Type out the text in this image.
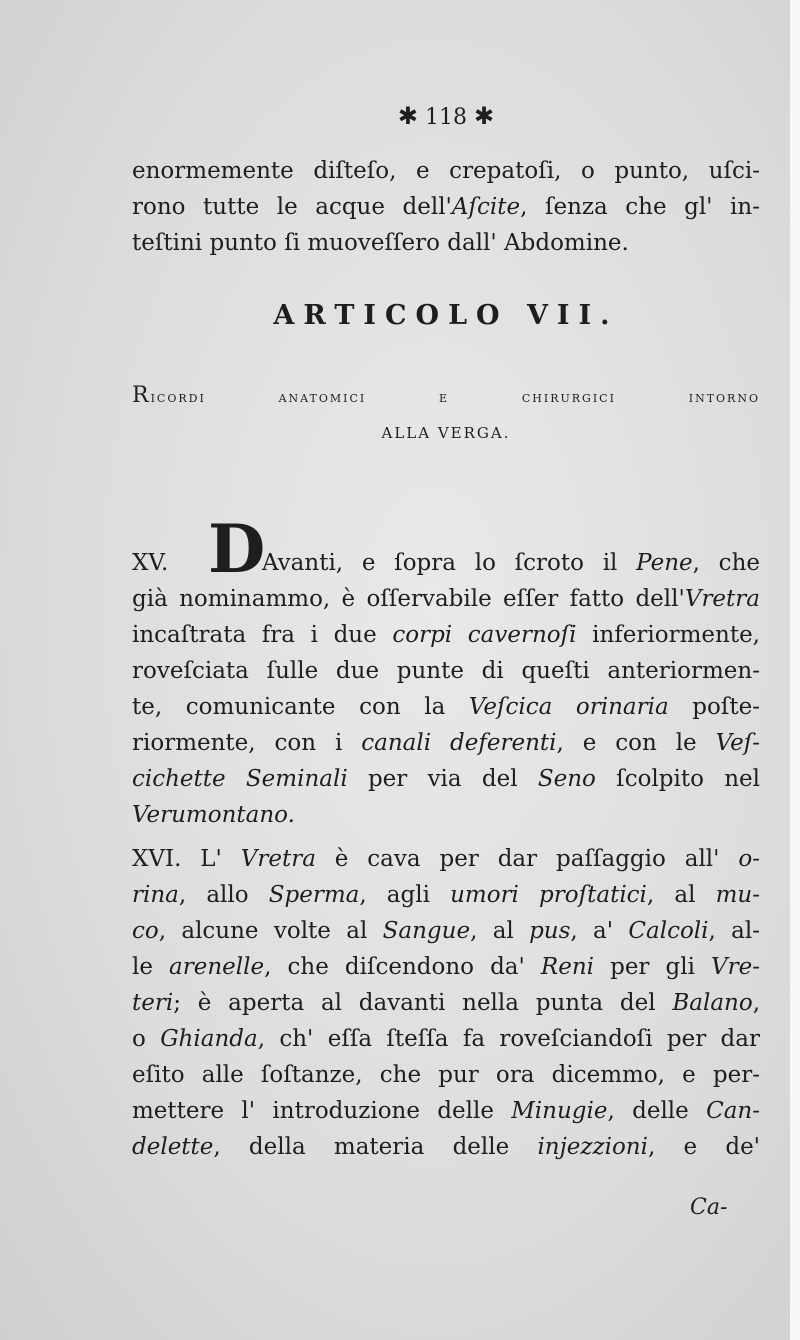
✱ 118 ✱
enormemente diſteſo, e crepatoſi, o punto, uſci-
rono tutte le acque dell'Aſcite, ſenza che gl' in-
teſtini punto ſi muoveſſero dall' Abdomine.
ARTICOLO VII.
Ricordi anatomici e chirurgici intorno
ALLA VERGA.
XV. D
Avanti, e ſopra lo ſcroto il Pene, che
già nominammo, è oſſervabile eſſer fatto dell'Vretra
incaſtrata fra i due corpi cavernoſi inferiormente,
roveſciata ſulle due punte di queſti anteriormen-
te, comunicante con la Veſcica orinaria poſte-
riormente, con i canali deferenti, e con le Veſ-
cichette Seminali per via del Seno ſcolpito nel
Verumontano.
XVI. L' Vretra è cava per dar paſſaggio all' o-
rina, allo Sperma, agli umori proſtatici, al mu-
co, alcune volte al Sangue, al pus, a' Calcoli, al-
le arenelle, che diſcendono da' Reni per gli Vre-
teri; è aperta al davanti nella punta del Balano,
o Ghianda, ch' eſſa ſteſſa fa roveſciandoſi per dar
eſito alle ſoſtanze, che pur ora dicemmo, e per-
mettere l' introduzione delle Minugie, delle Can-
delette, della materia delle injezzioni, e de'
Ca-
